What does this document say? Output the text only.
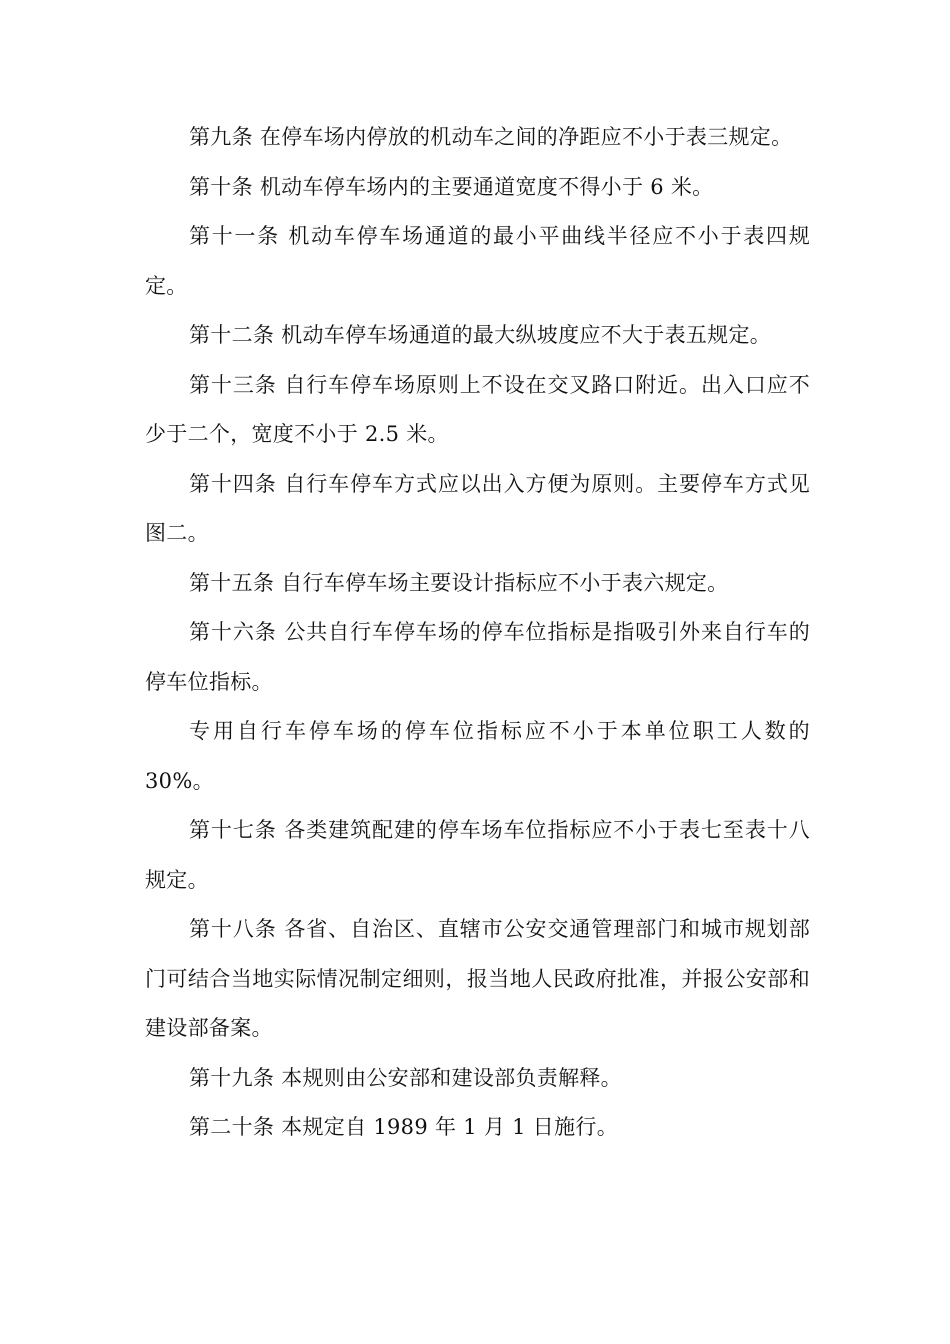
第九条 在停车场内停放的机动车之间的净距应不小于表三规定。

第十条 机动车停车场内的主要通道宽度不得小于 6 米。

第十一条 机动车停车场通道的最小平曲线半径应不小于表四规定。

第十二条 机动车停车场通道的最大纵坡度应不大于表五规定。

第十三条 自行车停车场原则上不设在交叉路口附近。出入口应不少于二个，宽度不小于 2.5 米。

第十四条 自行车停车方式应以出入方便为原则。主要停车方式见图二。

第十五条 自行车停车场主要设计指标应不小于表六规定。

第十六条 公共自行车停车场的停车位指标是指吸引外来自行车的停车位指标。

专用自行车停车场的停车位指标应不小于本单位职工人数的30%。

第十七条 各类建筑配建的停车场车位指标应不小于表七至表十八规定。

第十八条 各省、自治区、直辖市公安交通管理部门和城市规划部门可结合当地实际情况制定细则，报当地人民政府批准，并报公安部和建设部备案。

第十九条 本规则由公安部和建设部负责解释。

第二十条 本规定自 1989 年 1 月 1 日施行。
